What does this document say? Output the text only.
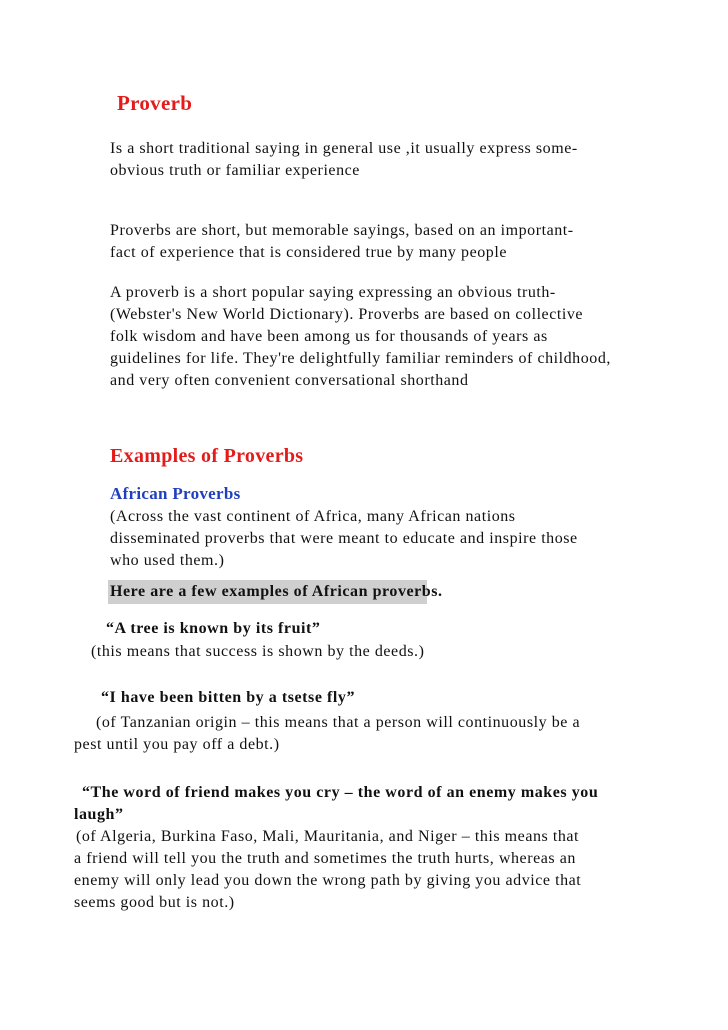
Proverb
Is a short traditional saying in general use ,it usually express some-
obvious truth or familiar experience
Proverbs are short, but memorable sayings, based on an important-
fact of experience that is considered true by many people
A proverb is a short popular saying expressing an obvious truth-
(Webster's New World Dictionary). Proverbs are based on collective
folk wisdom and have been among us for thousands of years as
guidelines for life. They're delightfully familiar reminders of childhood,
and very often convenient conversational shorthand
Examples of Proverbs
African Proverbs
(Across the vast continent of Africa, many African nations
disseminated proverbs that were meant to educate and inspire those
who used them.)
Here are a few examples of African proverbs.
“A tree is known by its fruit”
(this means that success is shown by the deeds.)
“I have been bitten by a tsetse fly”
(of Tanzanian origin – this means that a person will continuously be a
pest until you pay off a debt.)
“The word of friend makes you cry – the word of an enemy makes you
laugh”
(of Algeria, Burkina Faso, Mali, Mauritania, and Niger – this means that
a friend will tell you the truth and sometimes the truth hurts, whereas an
enemy will only lead you down the wrong path by giving you advice that
seems good but is not.)
